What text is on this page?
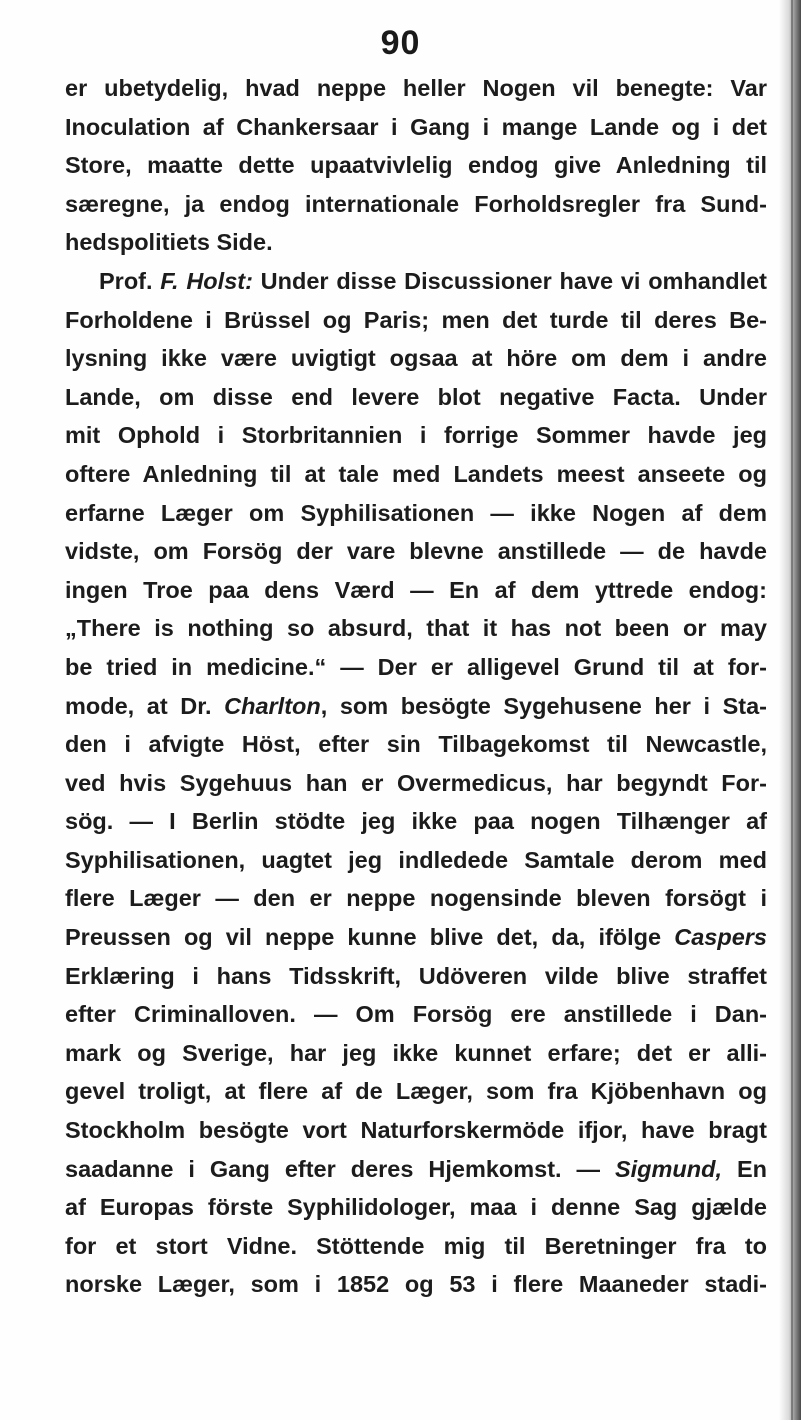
90
er ubetydelig, hvad neppe heller Nogen vil benegte: Var
Inoculation af Chankersaar i Gang i mange Lande og i det
Store, maatte dette upaatvivlelig endog give Anledning til
særegne, ja endog internationale Forholdsregler fra Sund-
hedspolitiets Side.
Prof. F. Holst: Under disse Discussioner have vi omhandlet
Forholdene i Brüssel og Paris; men det turde til deres Be-
lysning ikke være uvigtigt ogsaa at höre om dem i andre
Lande, om disse end levere blot negative Facta. Under
mit Ophold i Storbritannien i forrige Sommer havde jeg
oftere Anledning til at tale med Landets meest anseete og
erfarne Læger om Syphilisationen — ikke Nogen af dem
vidste, om Forsög der vare blevne anstillede — de havde
ingen Troe paa dens Værd — En af dem yttrede endog:
„There is nothing so absurd, that it has not been or may
be tried in medicine.“ — Der er alligevel Grund til at for-
mode, at Dr. Charlton, som besögte Sygehusene her i Sta-
den i afvigte Höst, efter sin Tilbagekomst til Newcastle,
ved hvis Sygehuus han er Overmedicus, har begyndt For-
sög. — I Berlin stödte jeg ikke paa nogen Tilhænger af
Syphilisationen, uagtet jeg indledede Samtale derom med
flere Læger — den er neppe nogensinde bleven forsögt i
Preussen og vil neppe kunne blive det, da, ifölge Caspers
Erklæring i hans Tidsskrift, Udöveren vilde blive straffet
efter Criminalloven. — Om Forsög ere anstillede i Dan-
mark og Sverige, har jeg ikke kunnet erfare; det er alli-
gevel troligt, at flere af de Læger, som fra Kjöbenhavn og
Stockholm besögte vort Naturforskermöde ifjor, have bragt
saadanne i Gang efter deres Hjemkomst. — Sigmund, En
af Europas förste Syphilidologer, maa i denne Sag gjælde
for et stort Vidne. Stöttende mig til Beretninger fra to
norske Læger, som i 1852 og 53 i flere Maaneder stadi-
